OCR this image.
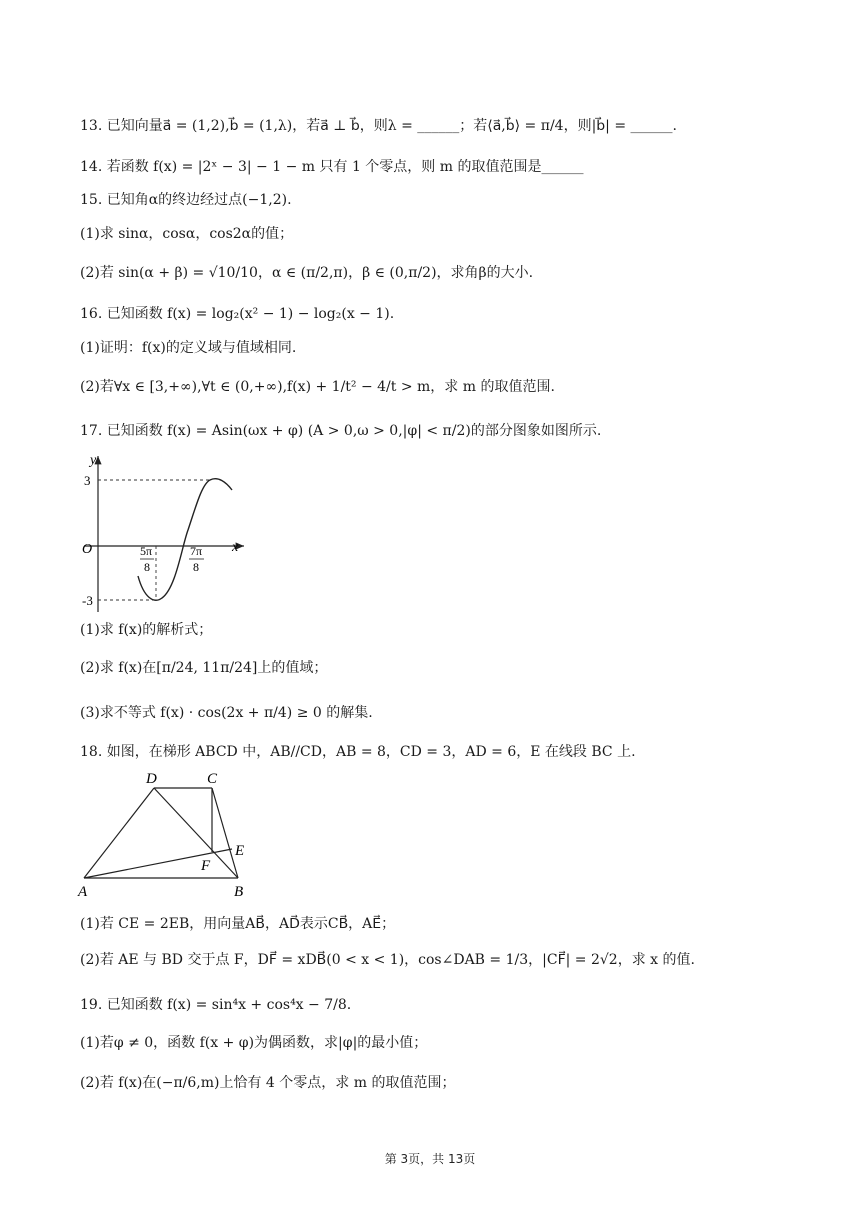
13. 已知向量a⃗ = (1,2),b⃗ = (1,λ)，若a⃗ ⊥ b⃗，则λ = ______；若⟨a⃗,b⃗⟩ = π/4，则|b⃗| = ______.
14. 若函数 f(x) = |2ˣ − 3| − 1 − m 只有 1 个零点，则 m 的取值范围是______
15. 已知角α的终边经过点(−1,2).
(1)求 sinα，cosα，cos2α的值；
(2)若 sin(α + β) = √10/10，α ∈ (π/2,π)，β ∈ (0,π/2)，求角β的大小.
16. 已知函数 f(x) = log₂(x² − 1) − log₂(x − 1).
(1)证明：f(x)的定义域与值域相同.
(2)若∀x ∈ [3,+∞),∀t ∈ (0,+∞),f(x) + 1/t² − 4/t > m，求 m 的取值范围.
17. 已知函数 f(x) = Asin(ωx + φ) (A > 0,ω > 0,|φ| < π/2)的部分图象如图所示.
y
x
O
3
-3
5π
8
7π
8
(1)求 f(x)的解析式；
(2)求 f(x)在[π/24, 11π/24]上的值域；
(3)求不等式 f(x) · cos(2x + π/4) ≥ 0 的解集.
18. 如图，在梯形 ABCD 中，AB//CD，AB = 8，CD = 3，AD = 6，E 在线段 BC 上.
D	C
E
F
A	B
(1)若 CE = 2EB，用向量AB⃗，AD⃗表示CB⃗，AE⃗；
(2)若 AE 与 BD 交于点 F，DF⃗ = xDB⃗(0 < x < 1)，cos∠DAB = 1/3，|CF⃗| = 2√2，求 x 的值.
19. 已知函数 f(x) = sin⁴x + cos⁴x − 7/8.
(1)若φ ≠ 0，函数 f(x + φ)为偶函数，求|φ|的最小值；
(2)若 f(x)在(−π/6,m)上恰有 4 个零点，求 m 的取值范围；
第 3页，共 13页
